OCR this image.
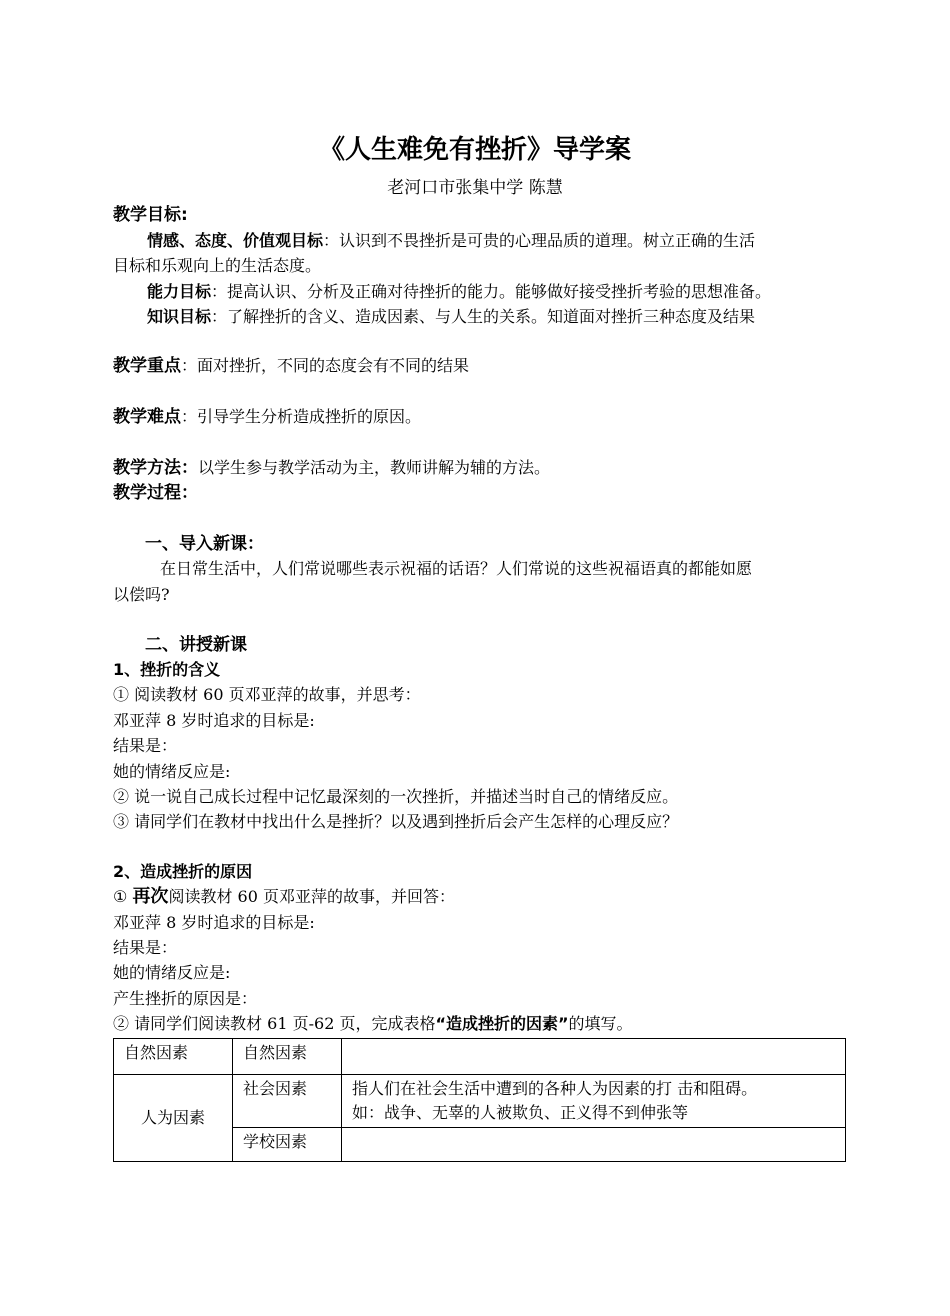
《人生难免有挫折》导学案
老河口市张集中学 陈慧
教学目标:
情感、态度、价值观目标：认识到不畏挫折是可贵的心理品质的道理。树立正确的生活
目标和乐观向上的生活态度。
能力目标：提高认识、分析及正确对待挫折的能力。能够做好接受挫折考验的思想准备。
知识目标：了解挫折的含义、造成因素、与人生的关系。知道面对挫折三种态度及结果
教学重点：面对挫折，不同的态度会有不同的结果
教学难点：引导学生分析造成挫折的原因。
教学方法：以学生参与教学活动为主，教师讲解为辅的方法。
教学过程：
一、导入新课：
在日常生活中，人们常说哪些表示祝福的话语？人们常说的这些祝福语真的都能如愿
以偿吗?
二、讲授新课
1、挫折的含义
① 阅读教材 60 页邓亚萍的故事，并思考：
邓亚萍 8 岁时追求的目标是:
结果是：
她的情绪反应是:
② 说一说自己成长过程中记忆最深刻的一次挫折，并描述当时自己的情绪反应。
③ 请同学们在教材中找出什么是挫折？以及遇到挫折后会产生怎样的心理反应？
2、造成挫折的原因
① 再次阅读教材 60 页邓亚萍的故事，并回答：
邓亚萍 8 岁时追求的目标是:
结果是：
她的情绪反应是:
产生挫折的原因是：
② 请同学们阅读教材 61 页-62 页，完成表格“造成挫折的因素”的填写。
自然因素	自然因素	
人为因素	社会因素	指人们在社会生活中遭到的各种人为因素的打 击和阻碍。
如：战争、无辜的人被欺负、正义得不到伸张等

	学校因素	
